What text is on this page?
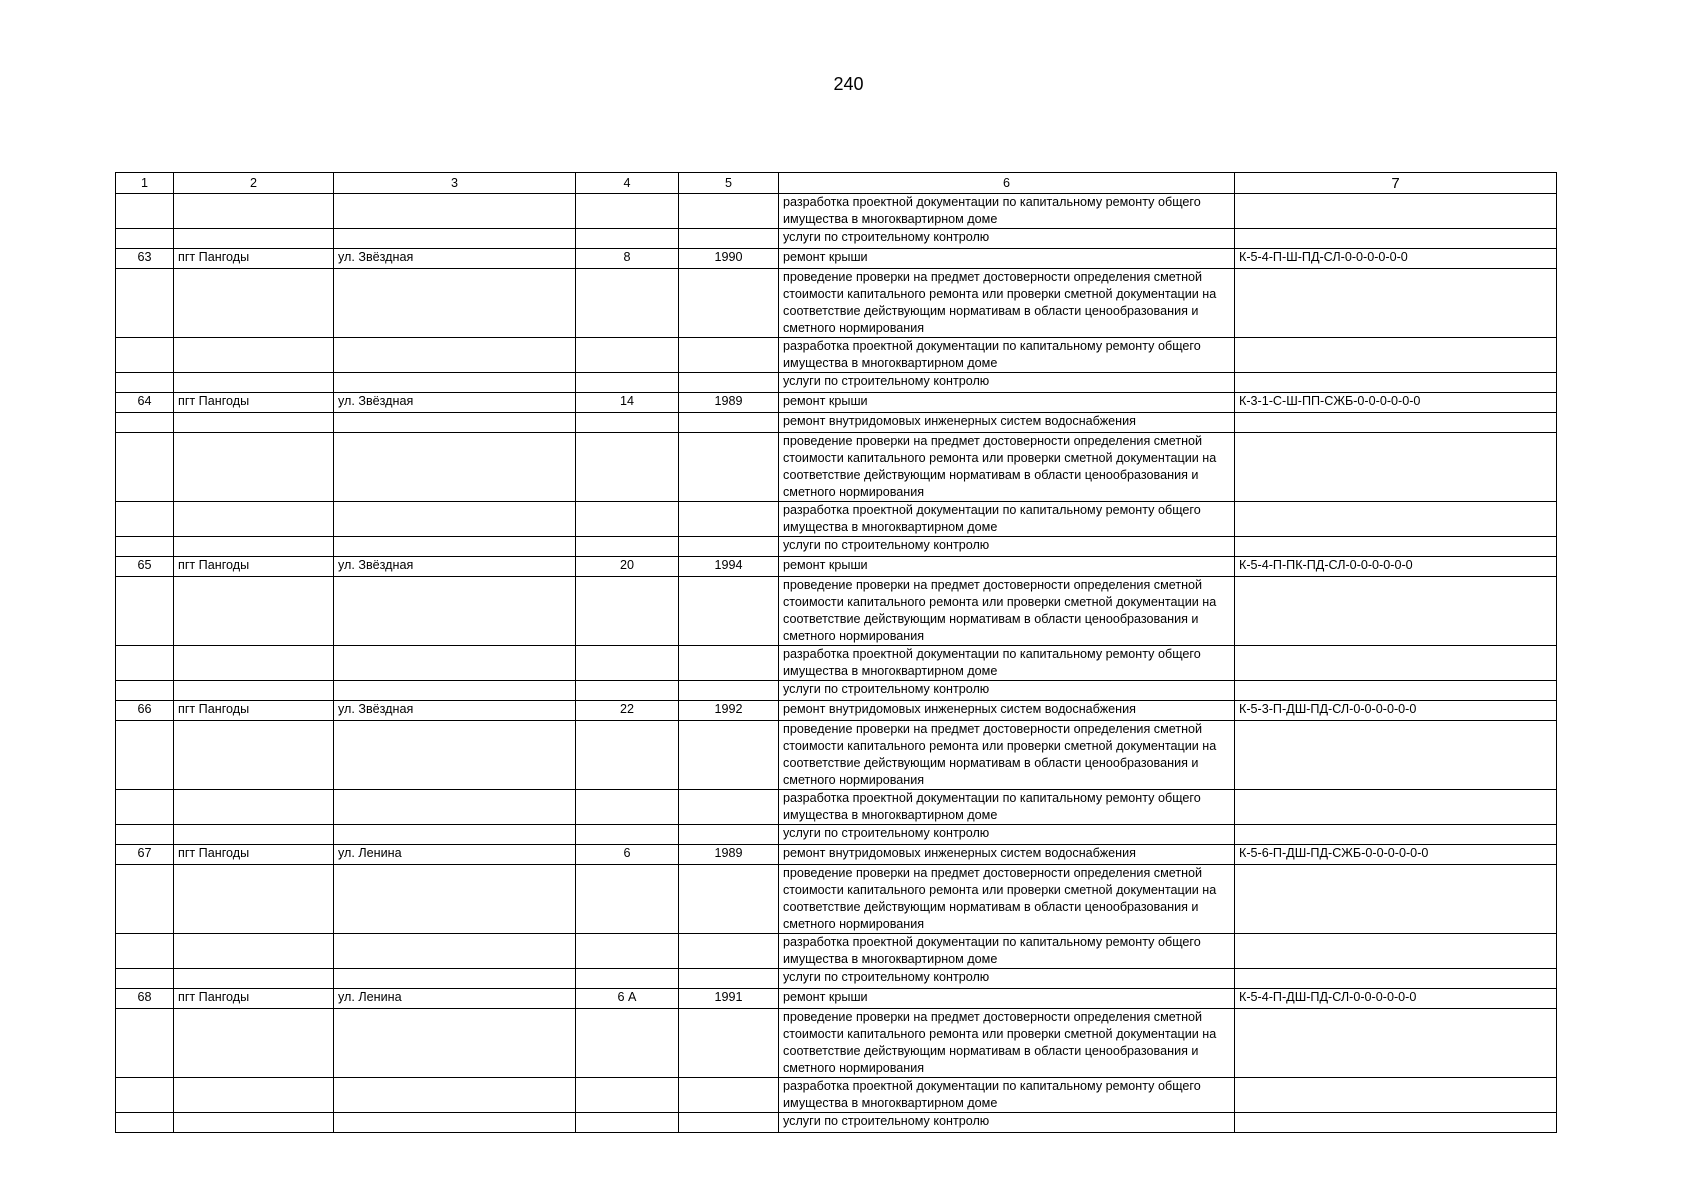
240
1	2	3	4	5	6	7
					разработка проектной документации по капитальному ремонту общего имущества в многоквартирном доме	
					услуги по строительному контролю	
63	пгт Пангоды	ул. Звёздная	8	1990	ремонт крыши	К-5-4-П-Ш-ПД-СЛ-0-0-0-0-0-0
					проведение проверки на предмет достоверности определения сметной стоимости капитального ремонта или проверки сметной документации на соответствие действующим нормативам в области ценообразования и сметного нормирования	
					разработка проектной документации по капитальному ремонту общего имущества в многоквартирном доме	
					услуги по строительному контролю	
64	пгт Пангоды	ул. Звёздная	14	1989	ремонт крыши	К-3-1-С-Ш-ПП-СЖБ-0-0-0-0-0-0
					ремонт внутридомовых инженерных систем водоснабжения	
					проведение проверки на предмет достоверности определения сметной стоимости капитального ремонта или проверки сметной документации на соответствие действующим нормативам в области ценообразования и сметного нормирования	
					разработка проектной документации по капитальному ремонту общего имущества в многоквартирном доме	
					услуги по строительному контролю	
65	пгт Пангоды	ул. Звёздная	20	1994	ремонт крыши	К-5-4-П-ПК-ПД-СЛ-0-0-0-0-0-0
					проведение проверки на предмет достоверности определения сметной стоимости капитального ремонта или проверки сметной документации на соответствие действующим нормативам в области ценообразования и сметного нормирования	
					разработка проектной документации по капитальному ремонту общего имущества в многоквартирном доме	
					услуги по строительному контролю	
66	пгт Пангоды	ул. Звёздная	22	1992	ремонт внутридомовых инженерных систем водоснабжения	К-5-3-П-ДШ-ПД-СЛ-0-0-0-0-0-0
					проведение проверки на предмет достоверности определения сметной стоимости капитального ремонта или проверки сметной документации на соответствие действующим нормативам в области ценообразования и сметного нормирования	
					разработка проектной документации по капитальному ремонту общего имущества в многоквартирном доме	
					услуги по строительному контролю	
67	пгт Пангоды	ул. Ленина	6	1989	ремонт внутридомовых инженерных систем водоснабжения	К-5-6-П-ДШ-ПД-СЖБ-0-0-0-0-0-0
					проведение проверки на предмет достоверности определения сметной стоимости капитального ремонта или проверки сметной документации на соответствие действующим нормативам в области ценообразования и сметного нормирования	
					разработка проектной документации по капитальному ремонту общего имущества в многоквартирном доме	
					услуги по строительному контролю	
68	пгт Пангоды	ул. Ленина	6 А	1991	ремонт крыши	К-5-4-П-ДШ-ПД-СЛ-0-0-0-0-0-0
					проведение проверки на предмет достоверности определения сметной стоимости капитального ремонта или проверки сметной документации на соответствие действующим нормативам в области ценообразования и сметного нормирования	
					разработка проектной документации по капитальному ремонту общего имущества в многоквартирном доме	
					услуги по строительному контролю	
